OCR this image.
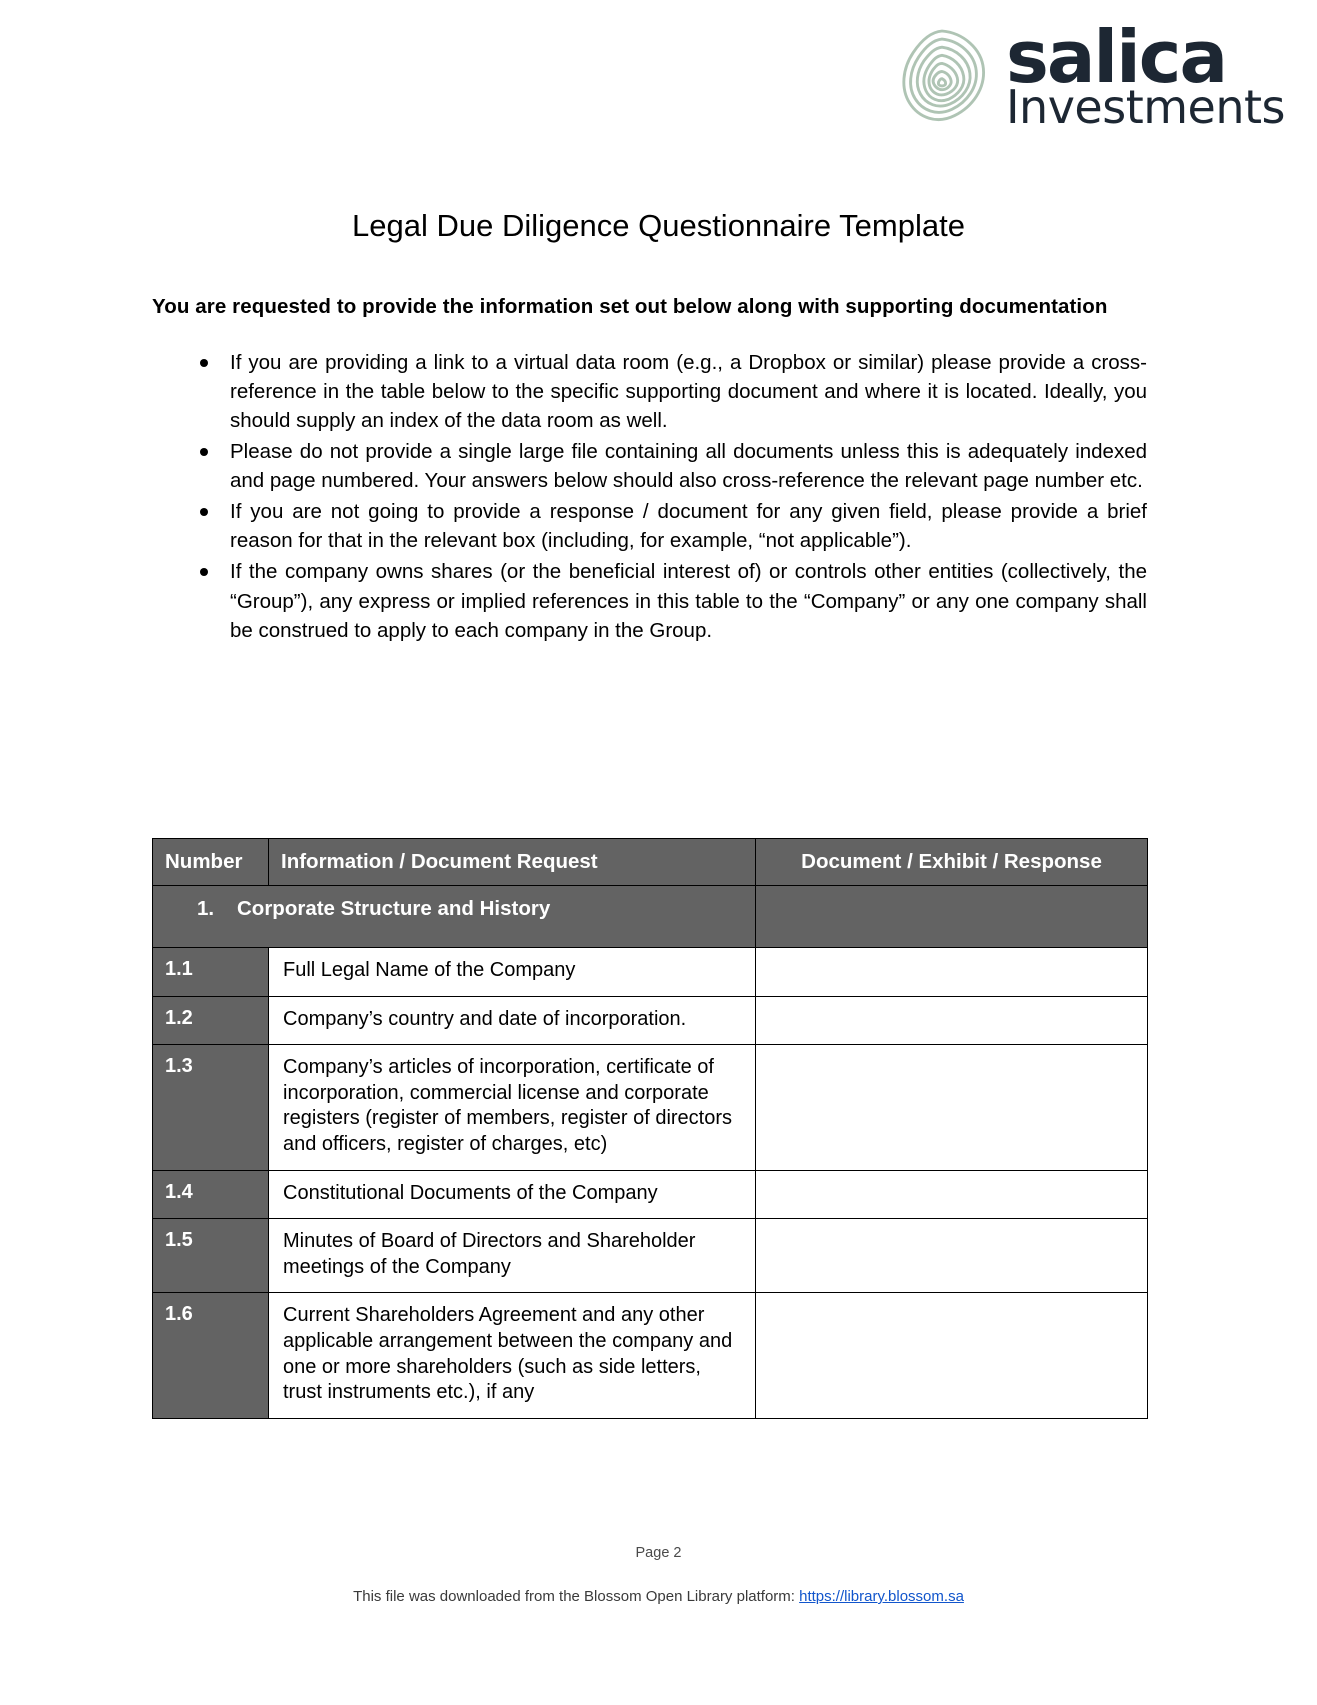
salica
Investments
Legal Due Diligence Questionnaire Template

You are requested to provide the information set out below along with supporting documentation

If you are providing a link to a virtual data room (e.g., a Dropbox or similar) please provide a cross-reference in the table below to the specific supporting document and where it is located. Ideally, you should supply an index of the data room as well.
Please do not provide a single large file containing all documents unless this is adequately indexed and page numbered. Your answers below should also cross-reference the relevant page number etc.
If you are not going to provide a response / document for any given field, please provide a brief reason for that in the relevant box (including, for example, “not applicable”).
If the company owns shares (or the beneficial interest of) or controls other entities (collectively, the “Group”), any express or implied references in this table to the “Company” or any one company shall be construed to apply to each company in the Group.
Number	Information / Document Request	Document / Exhibit / Response
1. Corporate Structure and History		
1.1	Full Legal Name of the Company	
1.2	Company’s country and date of incorporation.	
1.3	Company’s articles of incorporation, certificate of incorporation, commercial license and corporate registers (register of members, register of directors and officers, register of charges, etc)	
1.4	Constitutional Documents of the Company	
1.5	Minutes of Board of Directors and Shareholder meetings of the Company	
1.6	Current Shareholders Agreement and any other applicable arrangement between the company and one or more shareholders (such as side letters, trust instruments etc.), if any	
Page 2
This file was downloaded from the Blossom Open Library platform: https://library.blossom.sa
